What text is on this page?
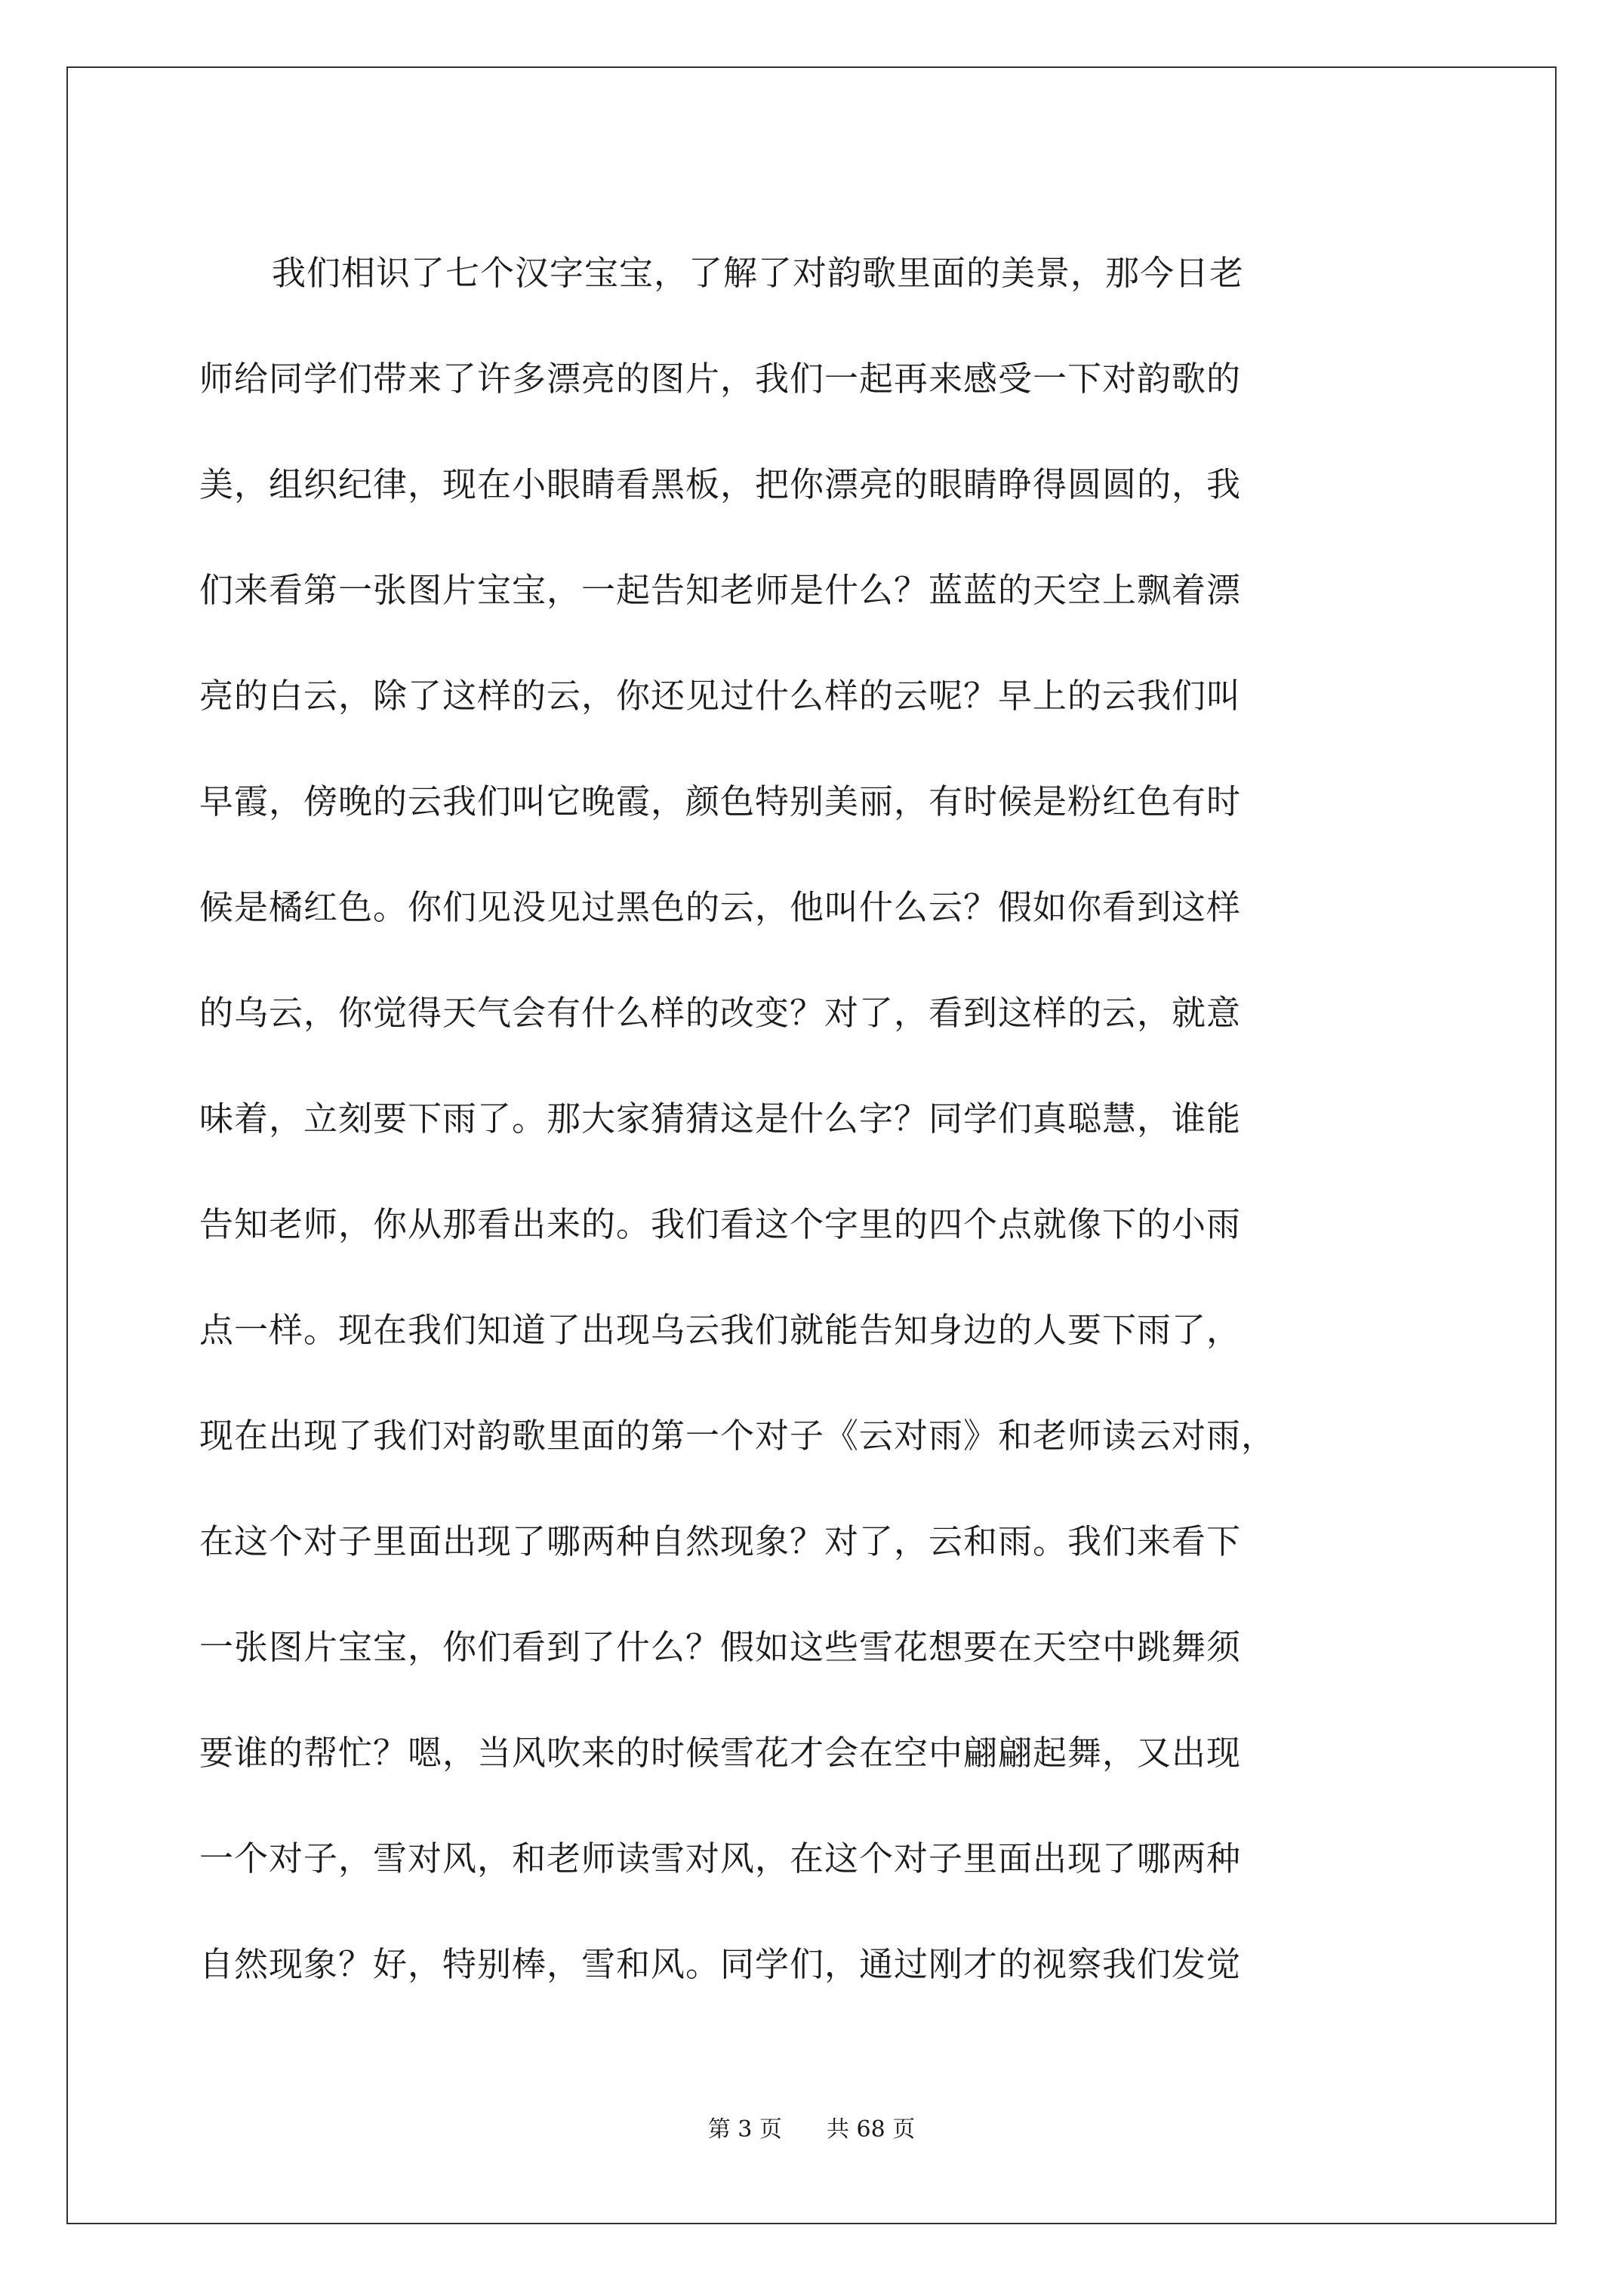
我们相识了七个汉字宝宝，了解了对韵歌里面的美景，那今日老
师给同学们带来了许多漂亮的图片，我们一起再来感受一下对韵歌的
美，组织纪律，现在小眼睛看黑板，把你漂亮的眼睛睁得圆圆的，我
们来看第一张图片宝宝，一起告知老师是什么？蓝蓝的天空上飘着漂
亮的白云，除了这样的云，你还见过什么样的云呢？早上的云我们叫
早霞，傍晚的云我们叫它晚霞，颜色特别美丽，有时候是粉红色有时
候是橘红色。你们见没见过黑色的云，他叫什么云？假如你看到这样
的乌云，你觉得天气会有什么样的改变？对了，看到这样的云，就意
味着，立刻要下雨了。那大家猜猜这是什么字？同学们真聪慧，谁能
告知老师，你从那看出来的。我们看这个字里的四个点就像下的小雨
点一样。现在我们知道了出现乌云我们就能告知身边的人要下雨了，
现在出现了我们对韵歌里面的第一个对子《云对雨》和老师读云对雨，
在这个对子里面出现了哪两种自然现象？对了，云和雨。我们来看下
一张图片宝宝，你们看到了什么？假如这些雪花想要在天空中跳舞须
要谁的帮忙？嗯，当风吹来的时候雪花才会在空中翩翩起舞，又出现
一个对子，雪对风，和老师读雪对风，在这个对子里面出现了哪两种
自然现象？好，特别棒，雪和风。同学们，通过刚才的视察我们发觉
第 3 页 共 68 页
